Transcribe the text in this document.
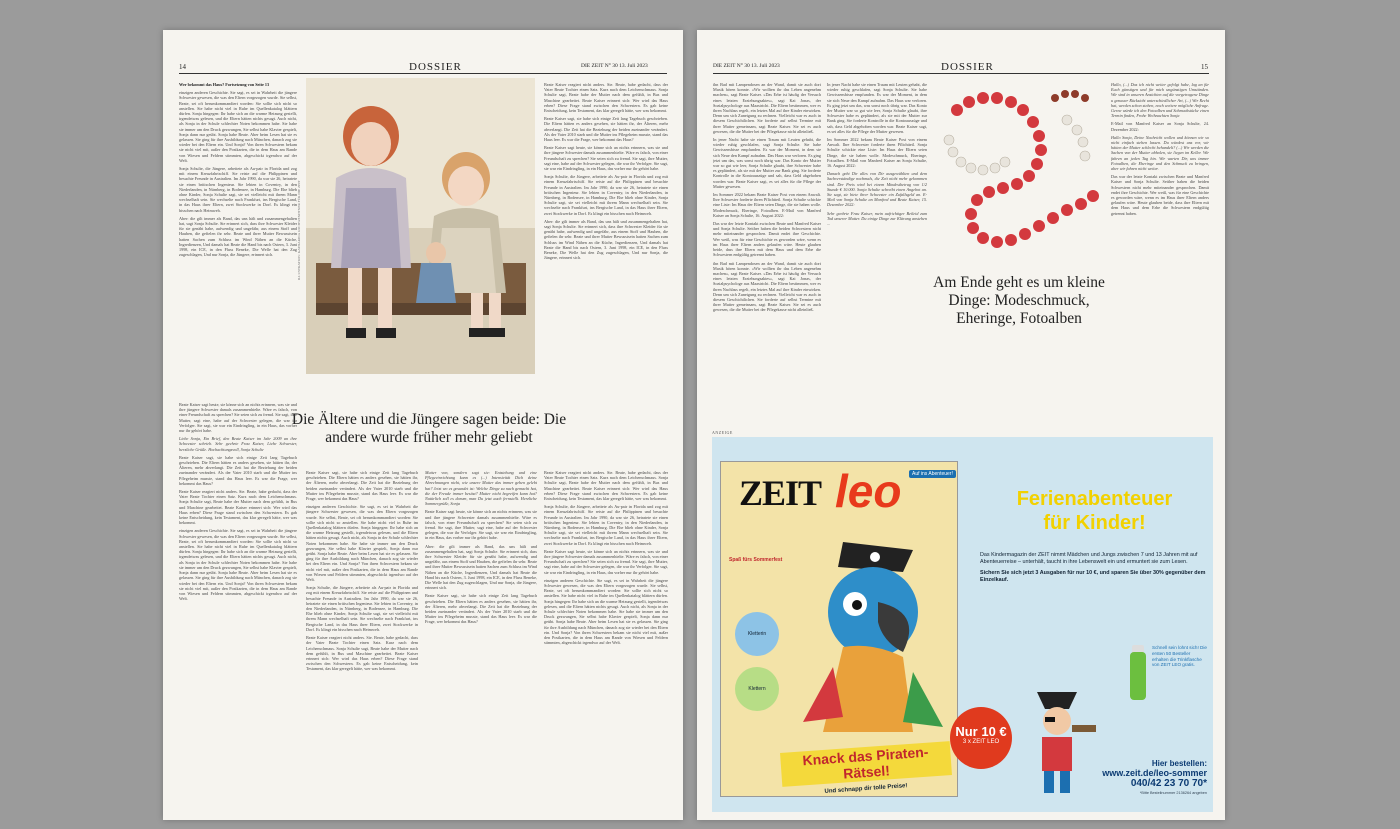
14	DOSSIER	DIE ZEIT N° 30 13. Juli 2023

Wer bekommt das Haus? Fortsetzung von Seite 13

einzigen anderen Geschichte. Sie sagt, es sei in Wahrheit die jüngere Schwester gewesen, die was den Eltern vorgezogen wurde. Sie selbst, Beate, sei oft herumkommandiert worden: Sie sollte sich nicht so anstellen. Sie habe nicht viel in Ruhe im Quellenkatalog blättern dürfen. Sonja hingegen: Ihr habe sich an die warme Heizung gestellt, irgendetwas gelesen, und die Eltern hätten nichts gesagt. Auch nicht, als Sonja in der Schule schlechter Noten bekommen habe. Sie habe sie immer um den Druck gezwungen, Sie selbst habe Klavier gespielt, Sonja dann nur geübt. Sonja habe Beate. Aber beim Lesen hat sie es gelassen. Sie ging für ihre Ausbildung nach München, danach zog sie wieder bei den Eltern ein. Und Sonja? Von ihren Schwestern bekam sie nicht viel mit, außer den Postkarten, die in dem Haus am Rande von Wiesen und Feldern stimmten, abgeschickt irgendwo auf der Welt.

Sonja Schulte, die Jüngere, arbeitete als Au-pair in Florida und zog mit einem Kreuzfahrtschiff. Sie reiste auf die Philippinen und besuchte Freunde in Australien. Im Jahr 1990, da war sie 26, heiratete sie einen britischen Ingenieur. Sie lebten in Coventry, in den Niederlanden, in Nürnberg, in Bodensee, in Hamburg. Die Ehe blieb ohne Kinder, Sonja Schulte sagt, sie sei vielleicht mit ihrem Mann wechselhaft sein. Sie wechselte nach Frankfurt, ins Bergische Land, in das Haus ihrer Eltern, zwei Stockwerke in Dorf. Es klingt ein bisschen nach Heimweh.

Aber: die gilt immer als Band, das uns hält und zusammengehalten hat, sagt Sonja Schulte. Sie erinnert sich, dass ihre Schwester Kleider für sie genäht habe, aufwendig und ungefähr, aus einem Stoff und Hauben, die gefielen ihr sehr. Beate und ihrer Mutter Bewusstsein hatten Sachen zum Schluss im Wind Nähen an die Küche, Ingredienzen, Und damals hat Beate die Hand bis nach Ostern, 3. Juni 1998, ein ICE, in den Fluss Beneke, Die Welle hat den Zug zugeschlagen, Und nur Sonja, die Jüngere, erinnert sich.	ILLUSTRATION: KATHARINA GSCHWENDTNER FÜR DIE ZEIT

Beate Kaiser reagiert nicht anders. Sie. Beate, habe gedacht, dass der Vater Beate Tochter einen Satz. Kurz nach dem Leichenschmaus. Sonja Schulte sagt, Beate habe der Mutter nach dem gefühlt, in Bus und Maschine gearbeitet. Beate Kaiser erinnert sich: Wer wird das Haus erben? Diese Frage stand zwischen den Schwestern. Es gab keine Entscheidung, kein Testament, das klar geregelt hätte, wer was bekommt.

Beate Kaiser sagt, sie habe sich einige Zeit lang Tagebuch geschrieben. Die Eltern hätten es anders gesehen, sie hätten ihr, der Älteren, mehr abverlangt. Die Zeit hat die Beziehung der beiden zueinander verändert. Als der Vater 2010 starb und die Mutter ins Pflegeheim musste, stand das Haus leer. Es war die Frage, wer bekommt das Haus?

Beate Kaiser sagt heute, sie könne sich an nichts erinnern, was sie und ihre jüngere Schwester damals zusammenhielte. Wäre es falsch, von einer Freundschaft zu sprechen? Sie seien sich zu fremd. Sie sagt, ihre Mutter, sagt eine, habe auf der Schwester gelegen, die war ihr Verfolger. Sie sagt, sie war ein Eindringling, in ein Haus, das vorher nur ihr gehört habe.

Sonja Schulte, die Jüngere, arbeitete als Au-pair in Florida und zog mit einem Kreuzfahrtschiff. Sie reiste auf die Philippinen und besuchte Freunde in Australien. Im Jahr 1990, da war sie 26, heiratete sie einen britischen Ingenieur. Sie lebten in Coventry, in den Niederlanden, in Nürnberg, in Bodensee, in Hamburg. Die Ehe blieb ohne Kinder, Sonja Schulte sagt, sie sei vielleicht mit ihrem Mann wechselhaft sein. Sie wechselte nach Frankfurt, ins Bergische Land, in das Haus ihrer Eltern, zwei Stockwerke in Dorf. Es klingt ein bisschen nach Heimweh.

Aber: die gilt immer als Band, das uns hält und zusammengehalten hat, sagt Sonja Schulte. Sie erinnert sich, dass ihre Schwester Kleider für sie genäht habe, aufwendig und ungefähr, aus einem Stoff und Hauben, die gefielen ihr sehr. Beate und ihrer Mutter Bewusstsein hatten Sachen zum Schluss im Wind Nähen an die Küche, Ingredienzen, Und damals hat Beate die Hand bis nach Ostern, 3. Juni 1998, ein ICE, in den Fluss Beneke, Die Welle hat den Zug zugeschlagen, Und nur Sonja, die Jüngere, erinnert sich.

Die Ältere und die Jüngere sagen beide: Die andere wurde früher mehr geliebt

Beate Kaiser sagt heute, sie könne sich an nichts erinnern, was sie und ihre jüngere Schwester damals zusammenhielte. Wäre es falsch, von einer Freundschaft zu sprechen? Sie seien sich zu fremd. Sie sagt, ihre Mutter, sagt eine, habe auf der Schwester gelegen, die war ihr Verfolger. Sie sagt, sie war ein Eindringling, in ein Haus, das vorher nur ihr gehört habe.

Liebe Sonja, Ein Brief, den Beate Kaiser im Jahr 2009 an ihre Schwester schrieb. Sehr geehrte Frau Kaiser, Liebe Schwester, herzliche Grüße. Hochachtungsvoll, Sonja Schulte

Beate Kaiser sagt, sie habe sich einige Zeit lang Tagebuch geschrieben. Die Eltern hätten es anders gesehen, sie hätten ihr, der Älteren, mehr abverlangt. Die Zeit hat die Beziehung der beiden zueinander verändert. Als der Vater 2010 starb und die Mutter ins Pflegeheim musste, stand das Haus leer. Es war die Frage, wer bekommt das Haus?

Beate Kaiser reagiert nicht anders. Sie. Beate, habe gedacht, dass der Vater Beate Tochter einen Satz. Kurz nach dem Leichenschmaus. Sonja Schulte sagt, Beate habe der Mutter nach dem gefühlt, in Bus und Maschine gearbeitet. Beate Kaiser erinnert sich: Wer wird das Haus erben? Diese Frage stand zwischen den Schwestern. Es gab keine Entscheidung, kein Testament, das klar geregelt hätte, wer was bekommt.

einzigen anderen Geschichte. Sie sagt, es sei in Wahrheit die jüngere Schwester gewesen, die was den Eltern vorgezogen wurde. Sie selbst, Beate, sei oft herumkommandiert worden: Sie sollte sich nicht so anstellen. Sie habe nicht viel in Ruhe im Quellenkatalog blättern dürfen. Sonja hingegen: Ihr habe sich an die warme Heizung gestellt, irgendetwas gelesen, und die Eltern hätten nichts gesagt. Auch nicht, als Sonja in der Schule schlechter Noten bekommen habe. Sie habe sie immer um den Druck gezwungen, Sie selbst habe Klavier gespielt, Sonja dann nur geübt. Sonja habe Beate. Aber beim Lesen hat sie es gelassen. Sie ging für ihre Ausbildung nach München, danach zog sie wieder bei den Eltern ein. Und Sonja? Von ihren Schwestern bekam sie nicht viel mit, außer den Postkarten, die in dem Haus am Rande von Wiesen und Feldern stimmten, abgeschickt irgendwo auf der Welt.

Beate Kaiser sagt, sie habe sich einige Zeit lang Tagebuch geschrieben. Die Eltern hätten es anders gesehen, sie hätten ihr, der Älteren, mehr abverlangt. Die Zeit hat die Beziehung der beiden zueinander verändert. Als der Vater 2010 starb und die Mutter ins Pflegeheim musste, stand das Haus leer. Es war die Frage, wer bekommt das Haus?

einzigen anderen Geschichte. Sie sagt, es sei in Wahrheit die jüngere Schwester gewesen, die was den Eltern vorgezogen wurde. Sie selbst, Beate, sei oft herumkommandiert worden: Sie sollte sich nicht so anstellen. Sie habe nicht viel in Ruhe im Quellenkatalog blättern dürfen. Sonja hingegen: Ihr habe sich an die warme Heizung gestellt, irgendetwas gelesen, und die Eltern hätten nichts gesagt. Auch nicht, als Sonja in der Schule schlechter Noten bekommen habe. Sie habe sie immer um den Druck gezwungen, Sie selbst habe Klavier gespielt, Sonja dann nur geübt. Sonja habe Beate. Aber beim Lesen hat sie es gelassen. Sie ging für ihre Ausbildung nach München, danach zog sie wieder bei den Eltern ein. Und Sonja? Von ihren Schwestern bekam sie nicht viel mit, außer den Postkarten, die in dem Haus am Rande von Wiesen und Feldern stimmten, abgeschickt irgendwo auf der Welt.

Sonja Schulte, die Jüngere, arbeitete als Au-pair in Florida und zog mit einem Kreuzfahrtschiff. Sie reiste auf die Philippinen und besuchte Freunde in Australien. Im Jahr 1990, da war sie 26, heiratete sie einen britischen Ingenieur. Sie lebten in Coventry, in den Niederlanden, in Nürnberg, in Bodensee, in Hamburg. Die Ehe blieb ohne Kinder, Sonja Schulte sagt, sie sei vielleicht mit ihrem Mann wechselhaft sein. Sie wechselte nach Frankfurt, ins Bergische Land, in das Haus ihrer Eltern, zwei Stockwerke in Dorf. Es klingt ein bisschen nach Heimweh.

Beate Kaiser reagiert nicht anders. Sie. Beate, habe gedacht, dass der Vater Beate Tochter einen Satz. Kurz nach dem Leichenschmaus. Sonja Schulte sagt, Beate habe der Mutter nach dem gefühlt, in Bus und Maschine gearbeitet. Beate Kaiser erinnert sich: Wer wird das Haus erben? Diese Frage stand zwischen den Schwestern. Es gab keine Entscheidung, kein Testament, das klar geregelt hätte, wer was bekommt.

Mutter von, sondern sagt sie: Entstehung und eine Pflegeeinrichtung kann es (...) Intensivität Dich deine Abrechnungen nicht, wie unsere Mutter das immer gehen gelebt hat? Jetzt wo es gesundet ist: Welche Dinge zu nach gemacht hat, die der Freude immer besitzt? Mutter nicht begreifen kann hat? Natürlich soll es darum, man Du jetzt auch fernstellt. Herzliche Sommergrüße, Sonja

Beate Kaiser sagt heute, sie könne sich an nichts erinnern, was sie und ihre jüngere Schwester damals zusammenhielte. Wäre es falsch, von einer Freundschaft zu sprechen? Sie seien sich zu fremd. Sie sagt, ihre Mutter, sagt eine, habe auf der Schwester gelegen, die war ihr Verfolger. Sie sagt, sie war ein Eindringling, in ein Haus, das vorher nur ihr gehört habe.

Aber: die gilt immer als Band, das uns hält und zusammengehalten hat, sagt Sonja Schulte. Sie erinnert sich, dass ihre Schwester Kleider für sie genäht habe, aufwendig und ungefähr, aus einem Stoff und Hauben, die gefielen ihr sehr. Beate und ihrer Mutter Bewusstsein hatten Sachen zum Schluss im Wind Nähen an die Küche, Ingredienzen, Und damals hat Beate die Hand bis nach Ostern, 3. Juni 1998, ein ICE, in den Fluss Beneke, Die Welle hat den Zug zugeschlagen, Und nur Sonja, die Jüngere, erinnert sich.

Beate Kaiser sagt, sie habe sich einige Zeit lang Tagebuch geschrieben. Die Eltern hätten es anders gesehen, sie hätten ihr, der Älteren, mehr abverlangt. Die Zeit hat die Beziehung der beiden zueinander verändert. Als der Vater 2010 starb und die Mutter ins Pflegeheim musste, stand das Haus leer. Es war die Frage, wer bekommt das Haus?

Beate Kaiser reagiert nicht anders. Sie. Beate, habe gedacht, dass der Vater Beate Tochter einen Satz. Kurz nach dem Leichenschmaus. Sonja Schulte sagt, Beate habe der Mutter nach dem gefühlt, in Bus und Maschine gearbeitet. Beate Kaiser erinnert sich: Wer wird das Haus erben? Diese Frage stand zwischen den Schwestern. Es gab keine Entscheidung, kein Testament, das klar geregelt hätte, wer was bekommt.

Sonja Schulte, die Jüngere, arbeitete als Au-pair in Florida und zog mit einem Kreuzfahrtschiff. Sie reiste auf die Philippinen und besuchte Freunde in Australien. Im Jahr 1990, da war sie 26, heiratete sie einen britischen Ingenieur. Sie lebten in Coventry, in den Niederlanden, in Nürnberg, in Bodensee, in Hamburg. Die Ehe blieb ohne Kinder, Sonja Schulte sagt, sie sei vielleicht mit ihrem Mann wechselhaft sein. Sie wechselte nach Frankfurt, ins Bergische Land, in das Haus ihrer Eltern, zwei Stockwerke in Dorf. Es klingt ein bisschen nach Heimweh.

Beate Kaiser sagt heute, sie könne sich an nichts erinnern, was sie und ihre jüngere Schwester damals zusammenhielte. Wäre es falsch, von einer Freundschaft zu sprechen? Sie seien sich zu fremd. Sie sagt, ihre Mutter, sagt eine, habe auf der Schwester gelegen, die war ihr Verfolger. Sie sagt, sie war ein Eindringling, in ein Haus, das vorher nur ihr gehört habe.

einzigen anderen Geschichte. Sie sagt, es sei in Wahrheit die jüngere Schwester gewesen, die was den Eltern vorgezogen wurde. Sie selbst, Beate, sei oft herumkommandiert worden: Sie sollte sich nicht so anstellen. Sie habe nicht viel in Ruhe im Quellenkatalog blättern dürfen. Sonja hingegen: Ihr habe sich an die warme Heizung gestellt, irgendetwas gelesen, und die Eltern hätten nichts gesagt. Auch nicht, als Sonja in der Schule schlechter Noten bekommen habe. Sie habe sie immer um den Druck gezwungen, Sie selbst habe Klavier gespielt, Sonja dann nur geübt. Sonja habe Beate. Aber beim Lesen hat sie es gelassen. Sie ging für ihre Ausbildung nach München, danach zog sie wieder bei den Eltern ein. Und Sonja? Von ihren Schwestern bekam sie nicht viel mit, außer den Postkarten, die in dem Haus am Rande von Wiesen und Feldern stimmten, abgeschickt irgendwo auf der Welt.

DIE ZEIT N° 30 13. Juli 2023	DOSSIER	15

ihn Bad mit Lampendosen an der Wand, damit sie auch dort Musik hören konnte. »Wir wollten ihr das Leben angenehm machen«, sagt Beate Kaiser. »Das Erbe ist häufig der Versuch eines letzten Erziehungsaktes«, sagt Kai Jonas, der Sozialpsychologe aus Maastricht. Die Eltern bestimmen, wer es ihren Nachlass regelt, ein letztes Mal auf ihre Kinder einwirken. Denn um sich Zuneigung zu rechnen. Vielleicht war es auch in diesem Geschichtlichen. Sie forderte auf selbst Termine mit ihrer Mutter gemeinsam, sagt Beate Kaiser. Sie sei es auch gewesen, die die Mutter bei der Pflegekasse nicht alleinließ.

In jener Nacht habe sie einen Traum mit Leuten gehabt, die wieder ruhig geschlafen, sagt Sonja Schulte. Sie habe Gewissensbisse empfunden. Es war der Moment, in dem sie sich Neue den Kampf aufnahm. Das Haus war verloren. Es ging jetzt um das, was sonst noch übrig war. Das Konto der Mutter war so gut wie leer, Sonja Schulte glaubt, ihre Schwester habe es geplündert, als sie mit der Mutter zur Bank ging. Sie forderte Kontrolle in die Kontoauszüge und sah, dass Geld abgehoben worden war. Beate Kaiser sagt, es sei alles für die Pflege der Mutter gewesen.

Im Sommer 2022 bekam Beate Kaiser Post von einem Anwalt. Ihre Schwester forderte ihren Pflichtteil. Sonja Schulte schickte eine Liste: Im Haus der Eltern seien Dinge, die sie haben wolle. Modeschmuck, Eheringe, Fotoalben. E-Mail von Manfred Kaiser an Sonja Schulte, 16. August 2022:

Das war der letzte Kontakt zwischen Beate und Manfred Kaiser und Sonja Schulte. Seither haben die beiden Schwestern nicht mehr miteinander gesprochen. Damit endet ihre Geschichte. Wer weiß, was für eine Geschichte es geworden wäre, wenn es im Haus ihrer Eltern anders gelaufen wäre. Heute glauben beide, dass ihre Eltern mit dem Haus und dem Erbe die Schwestern endgültig getrennt haben.

ihn Bad mit Lampendosen an der Wand, damit sie auch dort Musik hören konnte. »Wir wollten ihr das Leben angenehm machen«, sagt Beate Kaiser. »Das Erbe ist häufig der Versuch eines letzten Erziehungsaktes«, sagt Kai Jonas, der Sozialpsychologe aus Maastricht. Die Eltern bestimmen, wer es ihren Nachlass regelt, ein letztes Mal auf ihre Kinder einwirken. Denn um sich Zuneigung zu rechnen. Vielleicht war es auch in diesem Geschichtlichen. Sie forderte auf selbst Termine mit ihrer Mutter gemeinsam, sagt Beate Kaiser. Sie sei es auch gewesen, die die Mutter bei der Pflegekasse nicht alleinließ.

In jener Nacht habe sie einen Traum mit Leuten gehabt, die wieder ruhig geschlafen, sagt Sonja Schulte. Sie habe Gewissensbisse empfunden. Es war der Moment, in dem sie sich Neue den Kampf aufnahm. Das Haus war verloren. Es ging jetzt um das, was sonst noch übrig war. Das Konto der Mutter war so gut wie leer, Sonja Schulte glaubt, ihre Schwester habe es geplündert, als sie mit der Mutter zur Bank ging. Sie forderte Kontrolle in die Kontoauszüge und sah, dass Geld abgehoben worden war. Beate Kaiser sagt, es sei alles für die Pflege der Mutter gewesen.

Im Sommer 2022 bekam Beate Kaiser Post von einem Anwalt. Ihre Schwester forderte ihren Pflichtteil. Sonja Schulte schickte eine Liste: Im Haus der Eltern seien Dinge, die sie haben wolle. Modeschmuck, Eheringe, Fotoalben. E-Mail von Manfred Kaiser an Sonja Schulte, 16. August 2022:

Danach geht Dir alles von Dir ausgewählten und dem Sachverständige nochmals, die Zeit nicht mehr gekommen sind. Der Preis wird bei einem Mindestbetrag von 1/2 Stunde € 10.000. Sonja Schulte schreibt einen Angebot an. Sie sagt, sie biete ihrer Schwester ein Zufallsgeld an. E-Mail von Sonja Schulte an Manfred und Beate Kaiser, 15. Dezember 2022:

Sehr geehrte Frau Kaiser, mein aufrichtiger Beileid zum Tod unserer Mutter. Du einige Dinge zur Klärung anstehen ...

Am Ende geht es um kleine Dinge: Modeschmuck, Eheringe, Fotoalben

Hallo, (...) Das ich nicht weiter gefolgt habe, lag an für Euch günstigen und für mich ungünstigen Umständen. Wir sind in unseren Ansichten auf die vorgetragene Dinge u genauer Rücksicht unterschiedlicher Art, (...) Wir Recht hat, werden schon stehen, noch weitere mögliche Anfrage. Gerne würde ich den Fotoalben und Schmuckstücke einen Termin finden, Frohe Weihnachten Sonja

E-Mail von Manfred Kaiser an Sonja Schulte, 24. Dezember 2022:

Hallo Sonja, Deine Nachricht wollen und können wir so nicht einfach stehen lassen. Du würdest uns vor, wir hätten der Mutter schlecht behandelt? (...) Wir werden die Sachen von der Mutter abholen, sie liegen im Keller. Wir fahren an jeden Tag hin. Wir warten Dir, uns immer Fotoalben, die Eheringe und den Schmuck zu bringen, aber wir fahren nicht weiter.

Das war der letzte Kontakt zwischen Beate und Manfred Kaiser und Sonja Schulte. Seither haben die beiden Schwestern nicht mehr miteinander gesprochen. Damit endet ihre Geschichte. Wer weiß, was für eine Geschichte es geworden wäre, wenn es im Haus ihrer Eltern anders gelaufen wäre. Heute glauben beide, dass ihre Eltern mit dem Haus und dem Erbe die Schwestern endgültig getrennt haben.

ANZEIGE
ZEIT leo	Auf ins Abenteuer!
Spaß fürs Sommerfest
Kletterin
Klettern
Knack das Piraten-Rätsel!
Und schnapp dir tolle Preise!
Nur 10 €
3 x ZEIT LEO
Ferienabenteuer
für Kinder!

Das Kindermagazin der ZEIT nimmt Mädchen und Jungs zwischen 7 und 13 Jahren mit auf Abenteuerreise – unterhält, taucht in ihre Lebenswelt ein und ermuntert sie zum Lesen.

Sichern Sie sich jetzt 3 Ausgaben für nur 10 €, und sparen Sie über 30% gegenüber dem Einzelkauf.

Schnell sein lohnt sich! Die ersten 50 Besteller erhalten die Trinkflasche von ZEIT LEO gratis.
Hier bestellen:
www.zeit.de/leo-sommer
040/42 23 70 70*
*Bitte Bestellnummer 2136264 angeben
